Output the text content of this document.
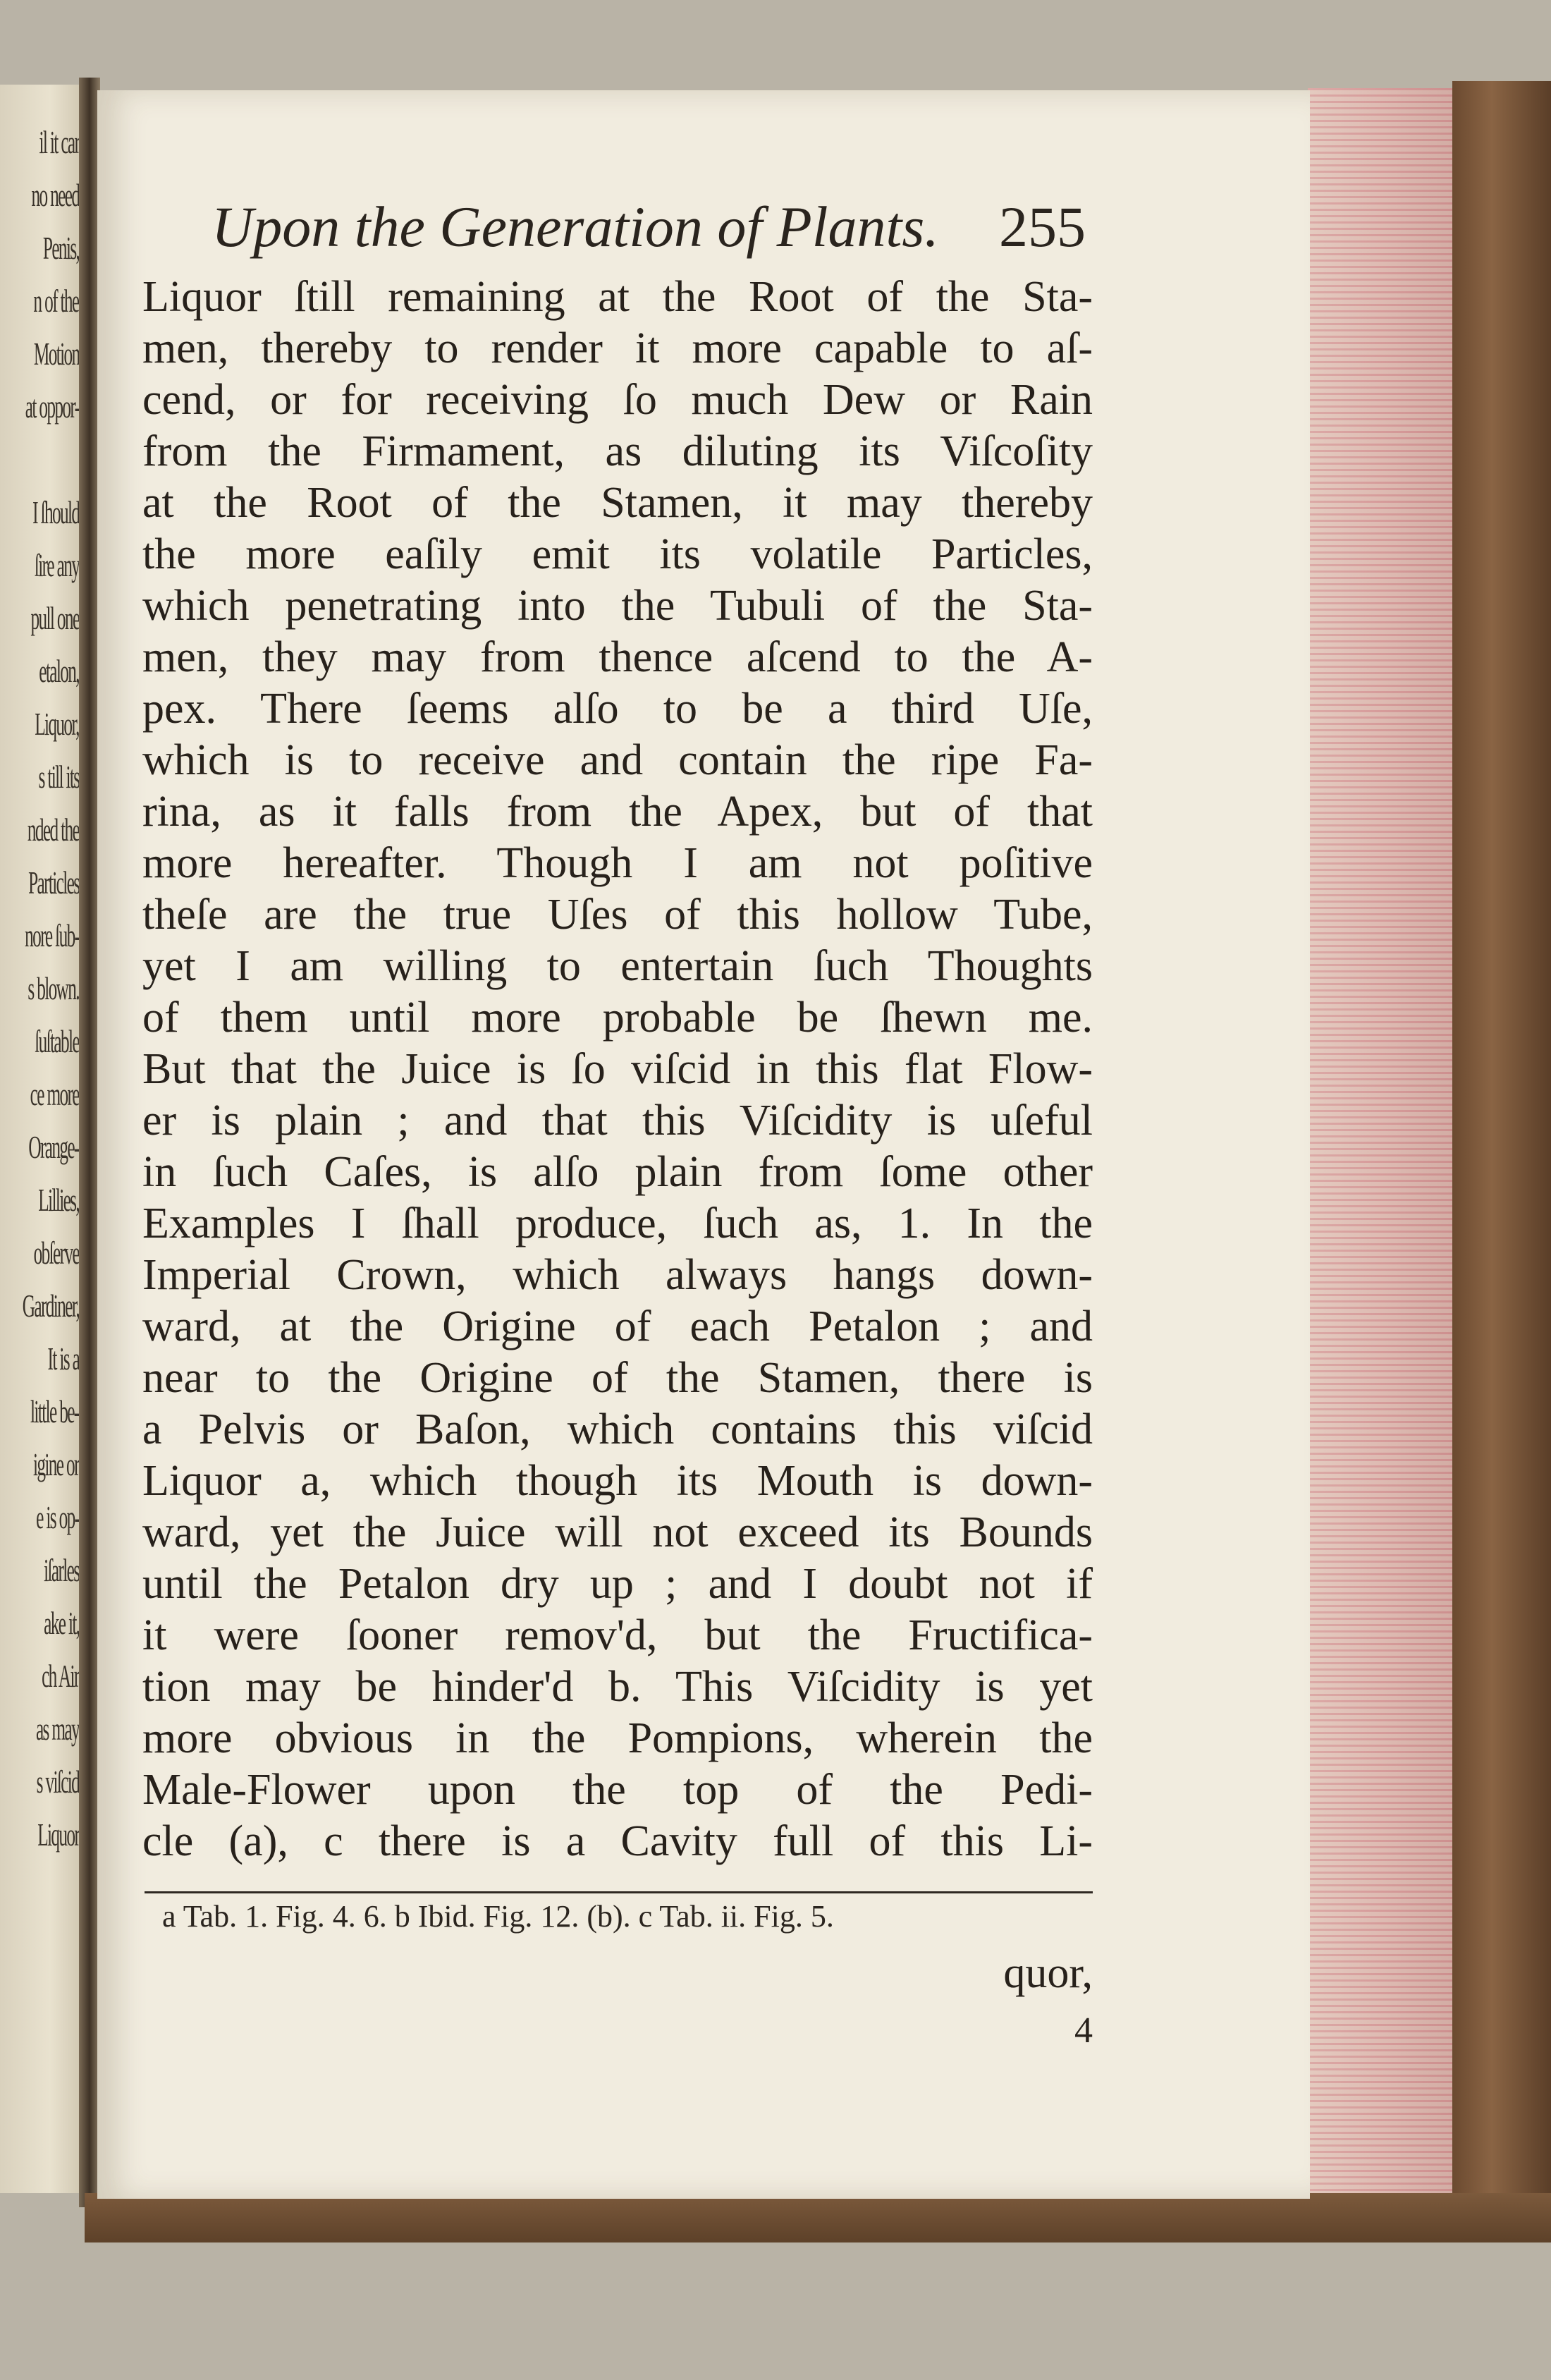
il it car
no need
Penis,
n of the
Motion
at oppor-
I ſhould
ſire any
pull one
etalon,
Liquor,
s till its
nded the
Particles
nore ſub-
s blown.
ſuſtable
ce more
Orange-
Lillies,
obſerve
Gardiner,
It is a
little be-
igine or
e is op-
iſarles
ake it,
ch Air
as may
s viſcid
Liquor
Upon the Generation of Plants. 255
Liquor ſtill remaining at the Root of the Sta-
men, thereby to render it more capable to aſ-
cend, or for receiving ſo much Dew or Rain
from the Firmament, as diluting its Viſcoſity
at the Root of the Stamen, it may thereby
the more eaſily emit its volatile Particles,
which penetrating into the Tubuli of the Sta-
men, they may from thence aſcend to the A-
pex. There ſeems alſo to be a third Uſe,
which is to receive and contain the ripe Fa-
rina, as it falls from the Apex, but of that
more hereafter. Though I am not poſitive
theſe are the true Uſes of this hollow Tube,
yet I am willing to entertain ſuch Thoughts
of them until more probable be ſhewn me.
But that the Juice is ſo viſcid in this flat Flow-
er is plain ; and that this Viſcidity is uſeful
in ſuch Caſes, is alſo plain from ſome other
Examples I ſhall produce, ſuch as, 1. In the
Imperial Crown, which always hangs down-
ward, at the Origine of each Petalon ; and
near to the Origine of the Stamen, there is
a Pelvis or Baſon, which contains this viſcid
Liquor a, which though its Mouth is down-
ward, yet the Juice will not exceed its Bounds
until the Petalon dry up ; and I doubt not if
it were ſooner remov'd, but the Fructifica-
tion may be hinder'd b. This Viſcidity is yet
more obvious in the Pompions, wherein the
Male-Flower upon the top of the Pedi-
cle (a), c there is a Cavity full of this Li-
a Tab. 1. Fig. 4. 6. b Ibid. Fig. 12. (b). c Tab. ii. Fig. 5.
quor,
4
